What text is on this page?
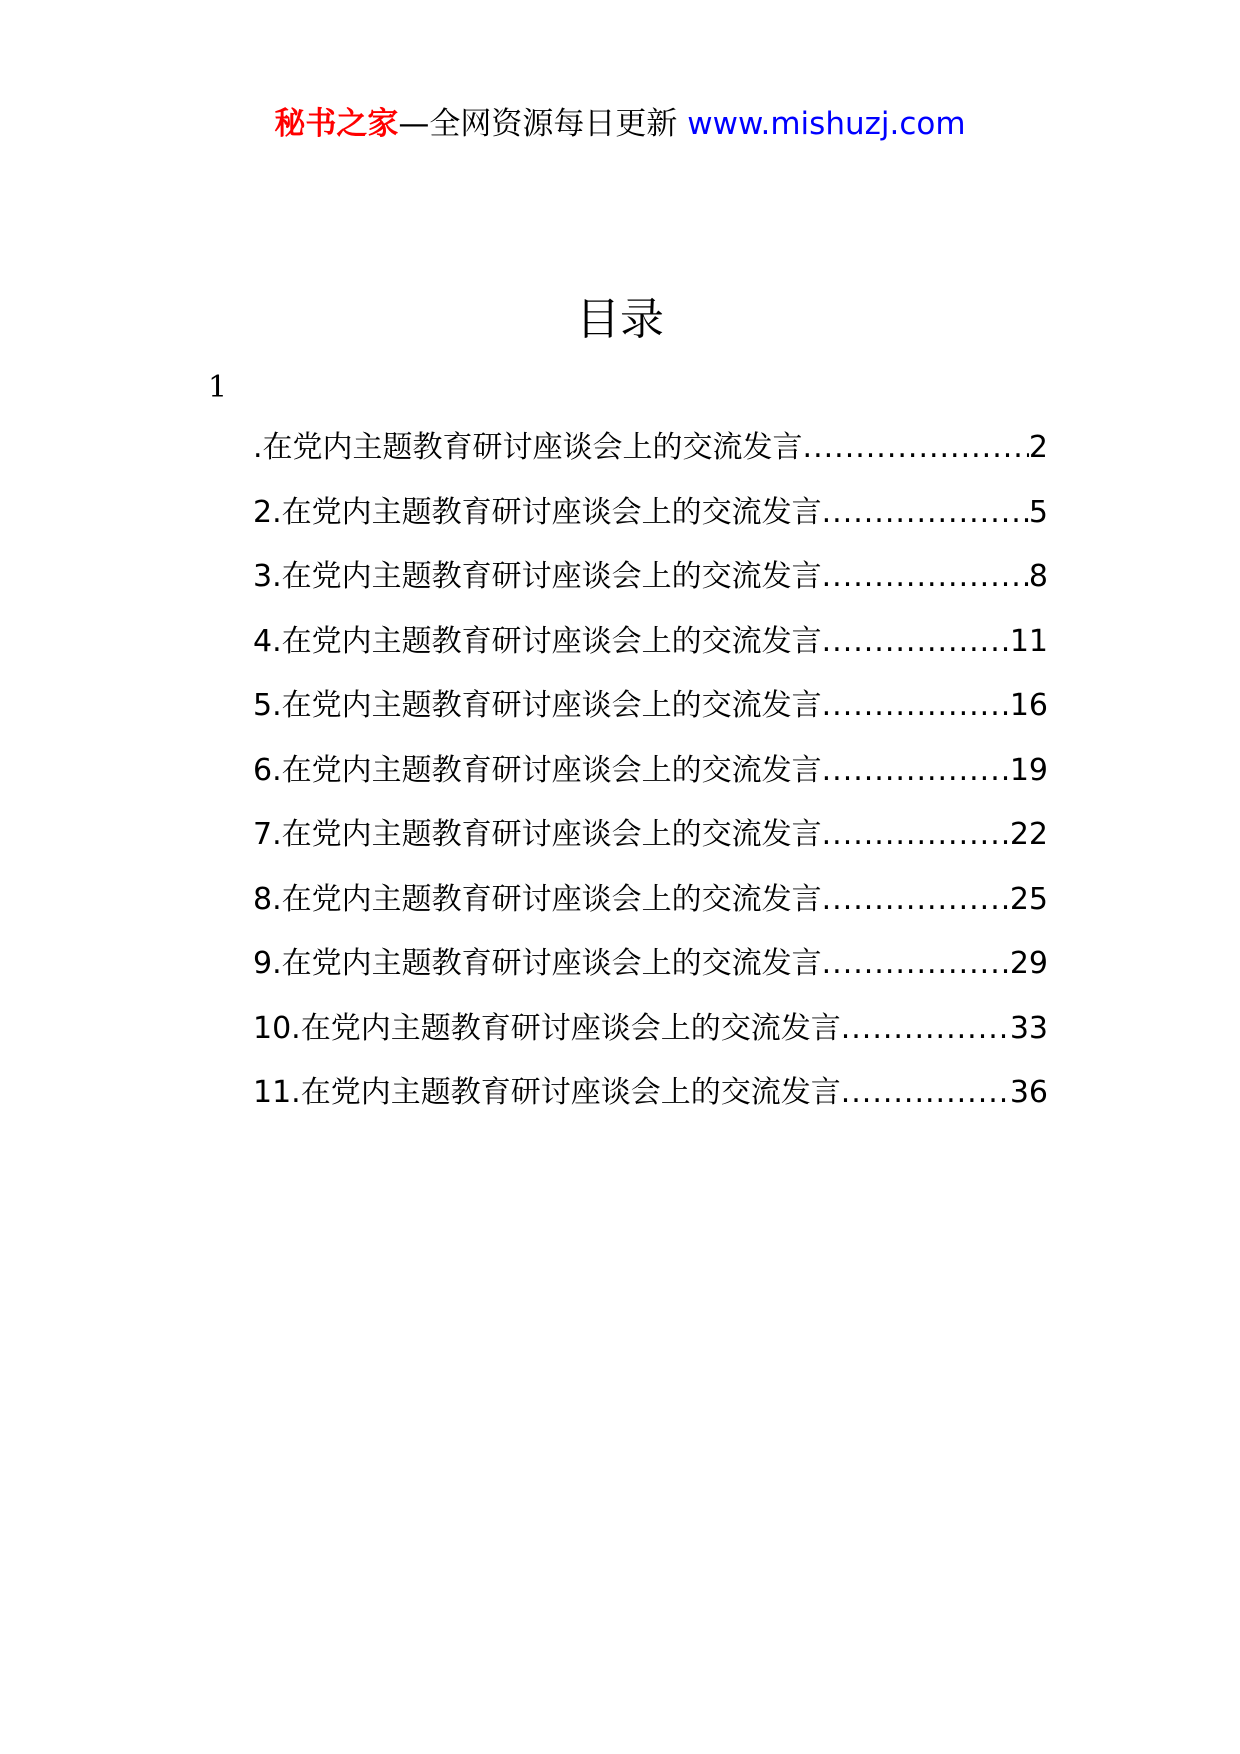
秘书之家—全网资源每日更新 www.mishuzj.com
目录
1
.在党内主题教育研讨座谈会上的交流发言 .....	2
2.在党内主题教育研讨座谈会上的交流发言 .....	5
3.在党内主题教育研讨座谈会上的交流发言 .....	8
4.在党内主题教育研讨座谈会上的交流发言 .....	11
5.在党内主题教育研讨座谈会上的交流发言 .....	16
6.在党内主题教育研讨座谈会上的交流发言 .....	19
7.在党内主题教育研讨座谈会上的交流发言 .....	22
8.在党内主题教育研讨座谈会上的交流发言 .....	25
9.在党内主题教育研讨座谈会上的交流发言 .....	29
10.在党内主题教育研讨座谈会上的交流发言 .....	33
11.在党内主题教育研讨座谈会上的交流发言 .....	36
